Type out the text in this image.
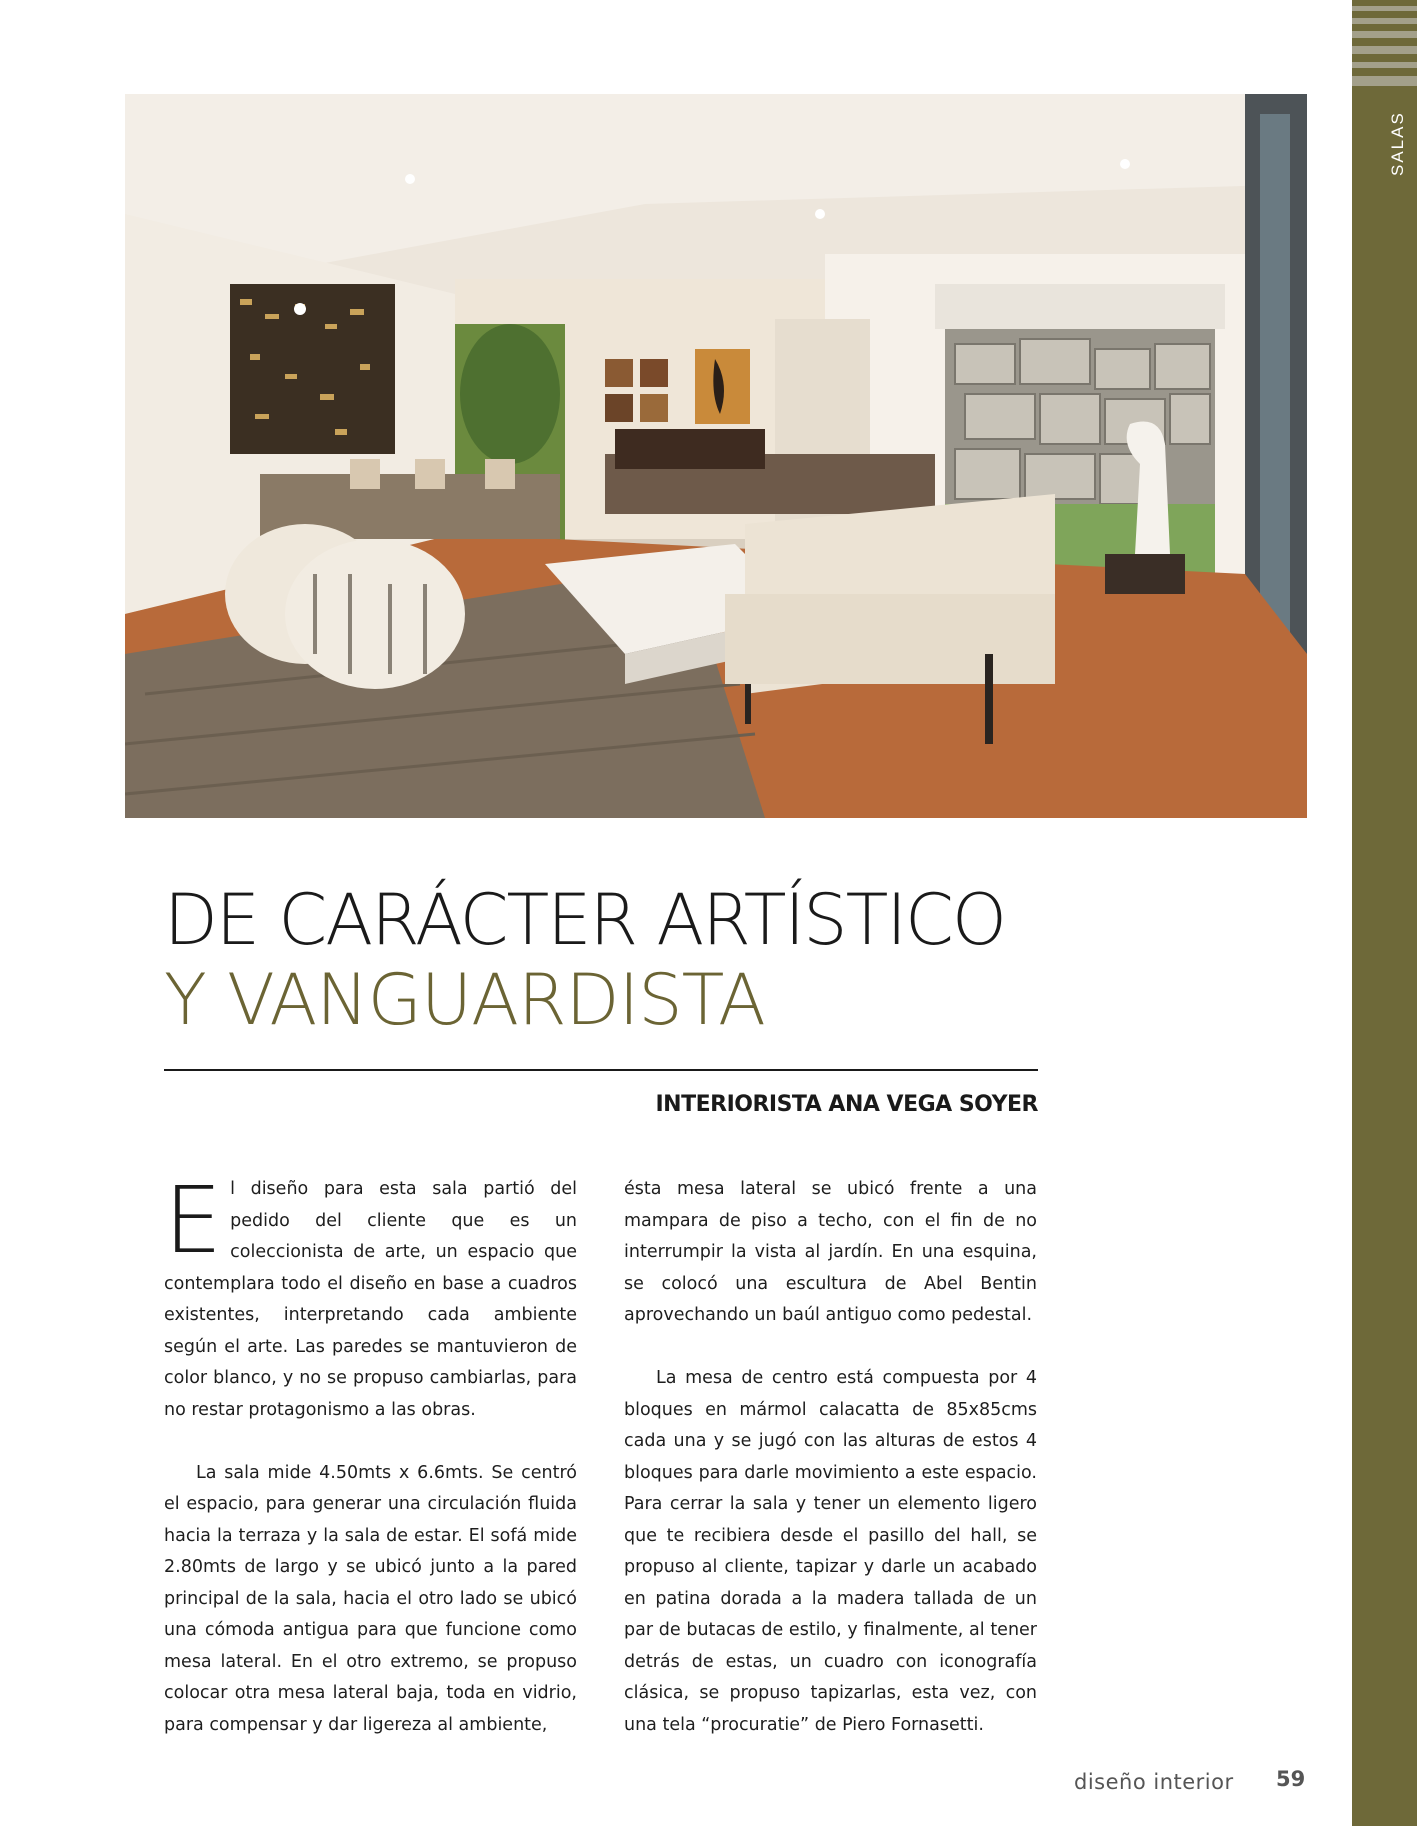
SALAS
DE CARÁCTER ARTÍSTICO
Y VANGUARDISTA
INTERIORISTA ANA VEGA SOYER

El diseño para esta sala partió del pedido del cliente que es un coleccionista de arte, un espacio que contemplara todo el diseño en base a cuadros existentes, interpretando cada ambiente según el arte. Las paredes se mantuvieron de color blanco, y no se propuso cambiarlas, para no restar protagonismo a las obras.

La sala mide 4.50mts x 6.6mts. Se centró el espacio, para generar una circulación fluida hacia la terraza y la sala de estar. El sofá mide 2.80mts de largo y se ubicó junto a la pared principal de la sala, hacia el otro lado se ubicó una cómoda antigua para que funcione como mesa lateral. En el otro extremo, se propuso colocar otra mesa lateral baja, toda en vidrio, para compensar y dar ligereza al ambiente,

ésta mesa lateral se ubicó frente a una mampara de piso a techo, con el fin de no interrumpir la vista al jardín. En una esquina, se colocó una escultura de Abel Bentin aprovechando un baúl antiguo como pedestal.

La mesa de centro está compuesta por 4 bloques en mármol calacatta de 85x85cms cada una y se jugó con las alturas de estos 4 bloques para darle movimiento a este espacio. Para cerrar la sala y tener un elemento ligero que te recibiera desde el pasillo del hall, se propuso al cliente, tapizar y darle un acabado en patina dorada a la madera tallada de un par de butacas de estilo, y finalmente, al tener detrás de estas, un cuadro con iconografía clásica, se propuso tapizarlas, esta vez, con una tela “procuratie” de Piero Fornasetti.

diseño interior 59
